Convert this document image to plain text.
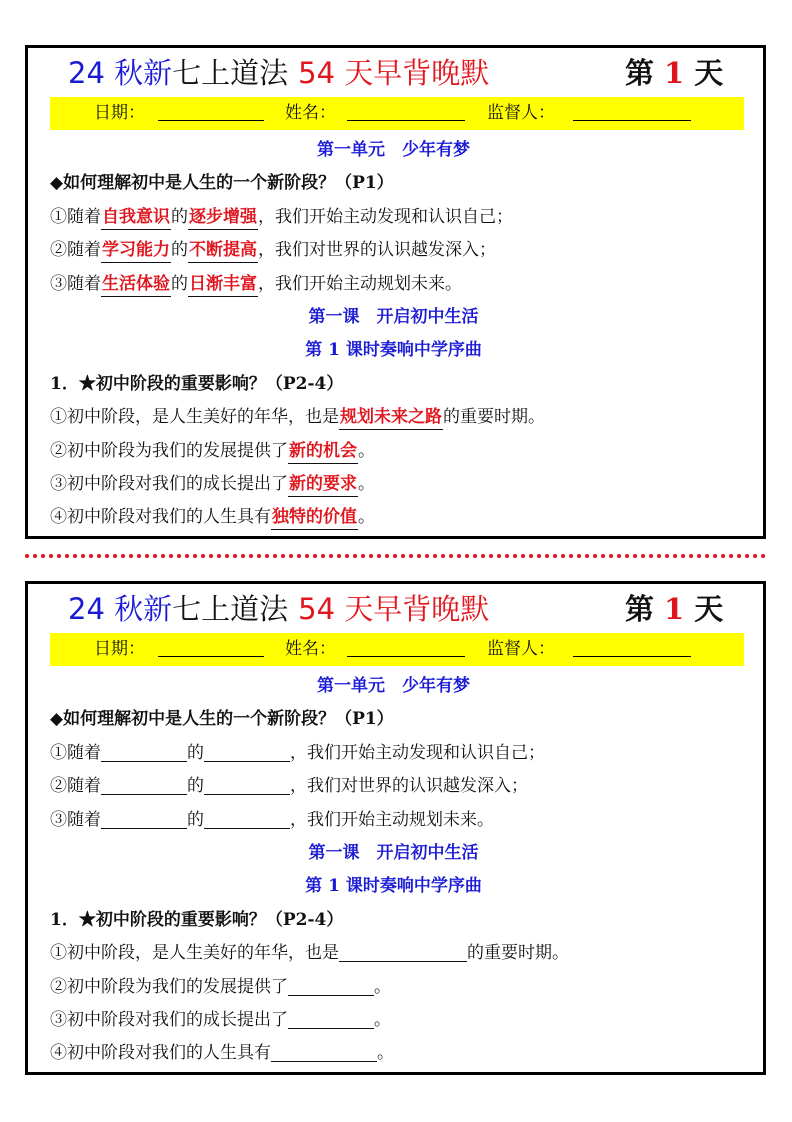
24 秋新七上道法 54 天早背晚默	第 1 天
日期：	姓名：	监督人：
第一单元　少年有梦
◆如何理解初中是人生的一个新阶段？（P1）
①随着自我意识的逐步增强，我们开始主动发现和认识自己；
②随着学习能力的不断提高，我们对世界的认识越发深入；
③随着生活体验的日渐丰富，我们开始主动规划未来。
第一课　开启初中生活
第 1 课时奏响中学序曲
1．★初中阶段的重要影响？（P2-4）
①初中阶段，是人生美好的年华，也是规划未来之路的重要时期。
②初中阶段为我们的发展提供了新的机会。
③初中阶段对我们的成长提出了新的要求。
④初中阶段对我们的人生具有独特的价值。
24 秋新七上道法 54 天早背晚默	第 1 天
日期：	姓名：	监督人：
第一单元　少年有梦
◆如何理解初中是人生的一个新阶段？（P1）
①随着	的	，我们开始主动发现和认识自己；
②随着	的	，我们对世界的认识越发深入；
③随着	的	，我们开始主动规划未来。
第一课　开启初中生活
第 1 课时奏响中学序曲
1．★初中阶段的重要影响？（P2-4）
①初中阶段，是人生美好的年华，也是	的重要时期。
②初中阶段为我们的发展提供了	。
③初中阶段对我们的成长提出了	。
④初中阶段对我们的人生具有	。
